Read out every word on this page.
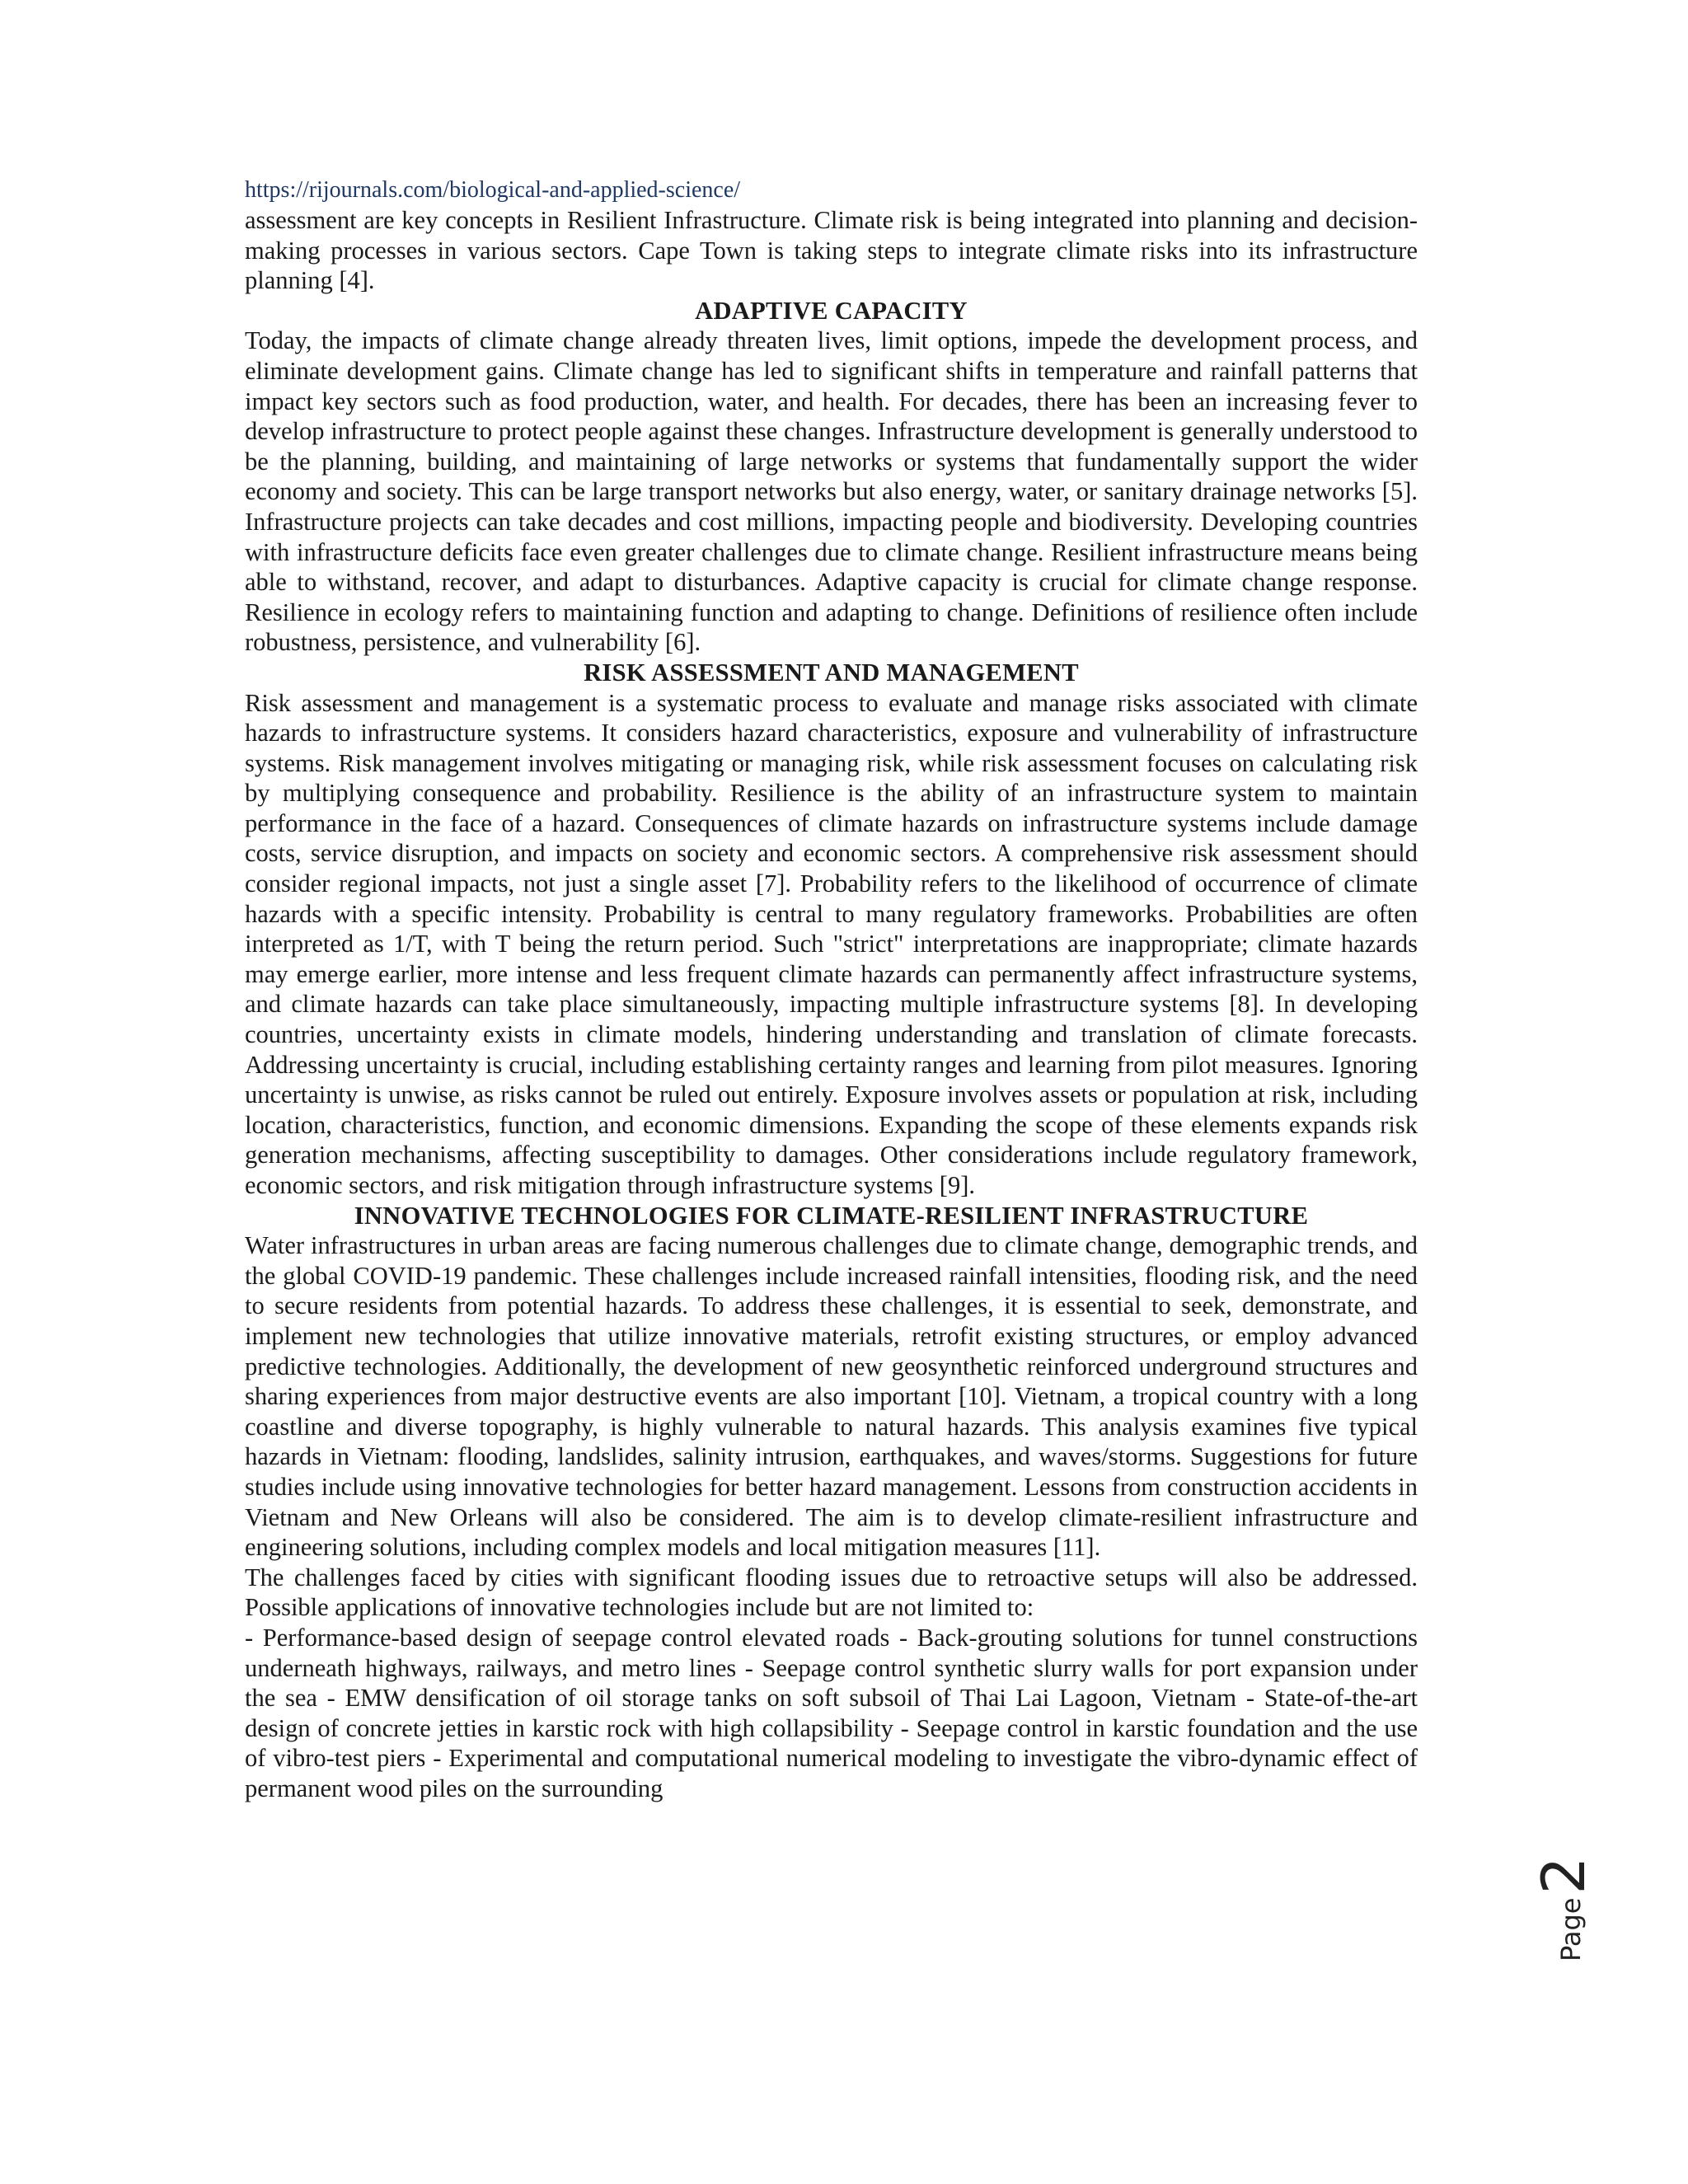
https://rijournals.com/biological-and-applied-science/

assessment are key concepts in Resilient Infrastructure. Climate risk is being integrated into planning and decision-making processes in various sectors. Cape Town is taking steps to integrate climate risks into its infrastructure planning [4].

ADAPTIVE CAPACITY

Today, the impacts of climate change already threaten lives, limit options, impede the development process, and eliminate development gains. Climate change has led to significant shifts in temperature and rainfall patterns that impact key sectors such as food production, water, and health. For decades, there has been an increasing fever to develop infrastructure to protect people against these changes. Infrastructure development is generally understood to be the planning, building, and maintaining of large networks or systems that fundamentally support the wider economy and society. This can be large transport networks but also energy, water, or sanitary drainage networks [5]. Infrastructure projects can take decades and cost millions, impacting people and biodiversity. Developing countries with infrastructure deficits face even greater challenges due to climate change. Resilient infrastructure means being able to withstand, recover, and adapt to disturbances. Adaptive capacity is crucial for climate change response. Resilience in ecology refers to maintaining function and adapting to change. Definitions of resilience often include robustness, persistence, and vulnerability [6].

RISK ASSESSMENT AND MANAGEMENT

Risk assessment and management is a systematic process to evaluate and manage risks associated with climate hazards to infrastructure systems. It considers hazard characteristics, exposure and vulnerability of infrastructure systems. Risk management involves mitigating or managing risk, while risk assessment focuses on calculating risk by multiplying consequence and probability. Resilience is the ability of an infrastructure system to maintain performance in the face of a hazard. Consequences of climate hazards on infrastructure systems include damage costs, service disruption, and impacts on society and economic sectors. A comprehensive risk assessment should consider regional impacts, not just a single asset [7]. Probability refers to the likelihood of occurrence of climate hazards with a specific intensity. Probability is central to many regulatory frameworks. Probabilities are often interpreted as 1/T, with T being the return period. Such "strict" interpretations are inappropriate; climate hazards may emerge earlier, more intense and less frequent climate hazards can permanently affect infrastructure systems, and climate hazards can take place simultaneously, impacting multiple infrastructure systems [8]. In developing countries, uncertainty exists in climate models, hindering understanding and translation of climate forecasts. Addressing uncertainty is crucial, including establishing certainty ranges and learning from pilot measures. Ignoring uncertainty is unwise, as risks cannot be ruled out entirely. Exposure involves assets or population at risk, including location, characteristics, function, and economic dimensions. Expanding the scope of these elements expands risk generation mechanisms, affecting susceptibility to damages. Other considerations include regulatory framework, economic sectors, and risk mitigation through infrastructure systems [9].

INNOVATIVE TECHNOLOGIES FOR CLIMATE-RESILIENT INFRASTRUCTURE

Water infrastructures in urban areas are facing numerous challenges due to climate change, demographic trends, and the global COVID-19 pandemic. These challenges include increased rainfall intensities, flooding risk, and the need to secure residents from potential hazards. To address these challenges, it is essential to seek, demonstrate, and implement new technologies that utilize innovative materials, retrofit existing structures, or employ advanced predictive technologies. Additionally, the development of new geosynthetic reinforced underground structures and sharing experiences from major destructive events are also important [10]. Vietnam, a tropical country with a long coastline and diverse topography, is highly vulnerable to natural hazards. This analysis examines five typical hazards in Vietnam: flooding, landslides, salinity intrusion, earthquakes, and waves/storms. Suggestions for future studies include using innovative technologies for better hazard management. Lessons from construction accidents in Vietnam and New Orleans will also be considered. The aim is to develop climate-resilient infrastructure and engineering solutions, including complex models and local mitigation measures [11].

The challenges faced by cities with significant flooding issues due to retroactive setups will also be addressed. Possible applications of innovative technologies include but are not limited to:

- Performance-based design of seepage control elevated roads - Back-grouting solutions for tunnel constructions underneath highways, railways, and metro lines - Seepage control synthetic slurry walls for port expansion under the sea - EMW densification of oil storage tanks on soft subsoil of Thai Lai Lagoon, Vietnam - State-of-the-art design of concrete jetties in karstic rock with high collapsibility - Seepage control in karstic foundation and the use of vibro-test piers - Experimental and computational numerical modeling to investigate the vibro-dynamic effect of permanent wood piles on the surrounding

Page
2
